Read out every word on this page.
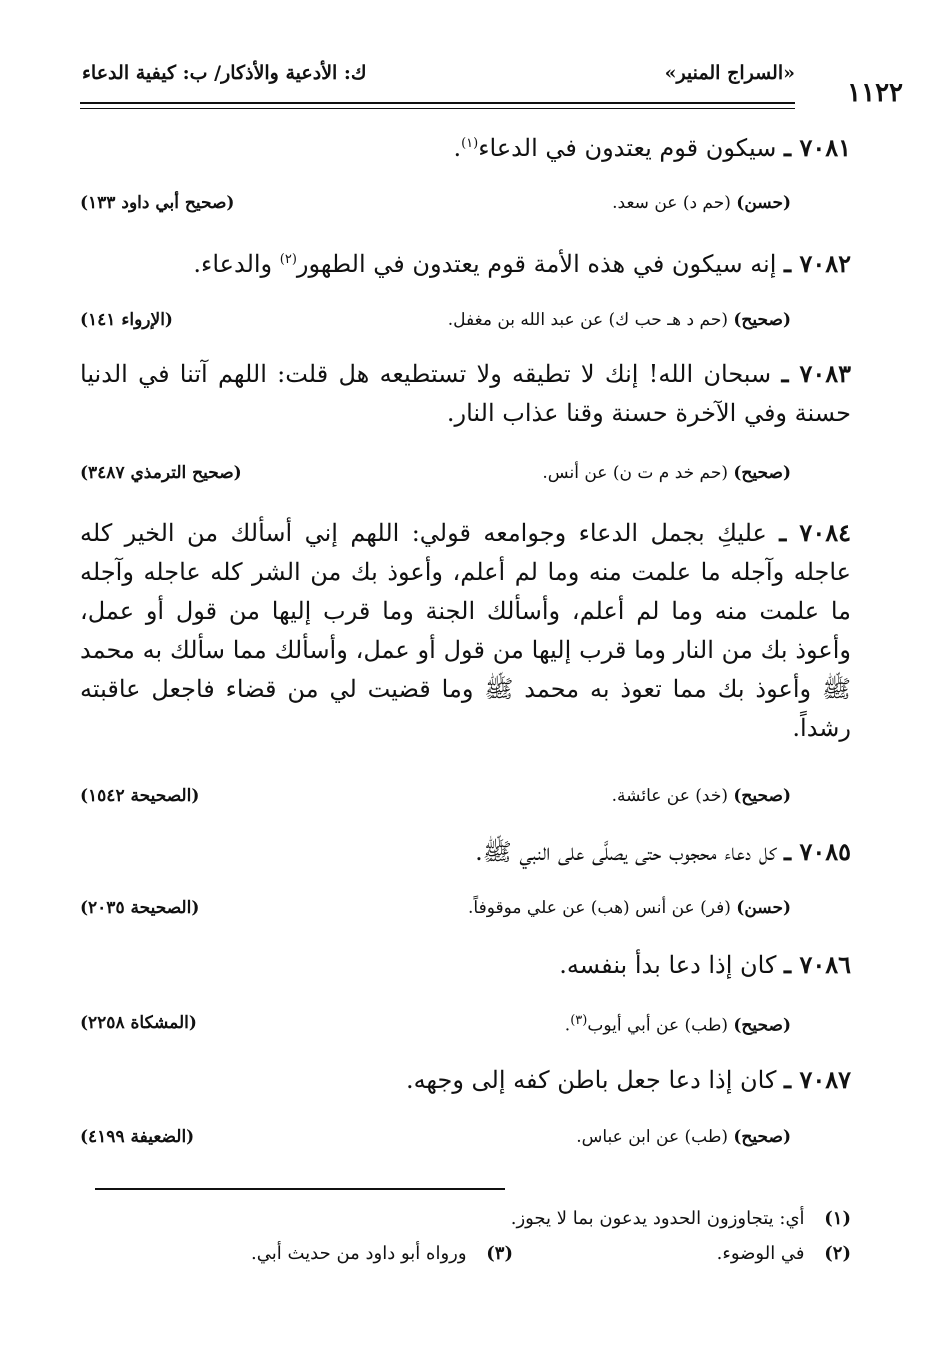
«السراج المنير»
ك: الأدعية والأذكار/ ب: كيفية الدعاء
١١٢٢
٧٠٨١ ـ سيكون قوم يعتدون في الدعاء$^{(١)}$.
(حسن) (حم د) عن سعد.
(صحيح أبي داود ١٣٣)
٧٠٨٢ ـ إنه سيكون في هذه الأمة قوم يعتدون في الطهور$^{(٢)}$ والدعاء.
(صحيح) (حم د هـ حب ك) عن عبد الله بن مغفل.
(الإرواء ١٤١)
٧٠٨٣ ـ سبحان الله! إنك لا تطيقه ولا تستطيعه هل قلت: اللهم آتنا في الدنيا حسنة وفي الآخرة حسنة وقنا عذاب النار.
(صحيح) (حم خد م ت ن) عن أنس.
(صحيح الترمذي ٣٤٨٧)
٧٠٨٤ ـ عليكِ بجمل الدعاء وجوامعه قولي: اللهم إني أسألك من الخير كله عاجله وآجله ما علمت منه وما لم أعلم، وأعوذ بك من الشر كله عاجله وآجله ما علمت منه وما لم أعلم، وأسألك الجنة وما قرب إليها من قول أو عمل، وأعوذ بك من النار وما قرب إليها من قول أو عمل، وأسألك مما سألك به محمد ﷺ وأعوذ بك مما تعوذ به محمد ﷺ وما قضيت لي من قضاء فاجعل عاقبته رشداً.
(صحيح) (خد) عن عائشة.
(الصحيحة ١٥٤٢)
٧٠٨٥ ـ كل دعاء محجوب حتى يصلَّى على النبي ﷺ.
(حسن) (فر) عن أنس (هب) عن علي موقوفاً.
(الصحيحة ٢٠٣٥)
٧٠٨٦ ـ كان إذا دعا بدأ بنفسه.
(صحيح) (طب) عن أبي أيوب$^{(٣)}$.
(المشكاة ٢٢٥٨)
٧٠٨٧ ـ كان إذا دعا جعل باطن كفه إلى وجهه.
(صحيح) (طب) عن ابن عباس.
(الضعيفة ٤١٩٩)
(١) أي: يتجاوزون الحدود يدعون بما لا يجوز.
(٢) في الوضوء.
(٣) ورواه أبو داود من حديث أبي.
